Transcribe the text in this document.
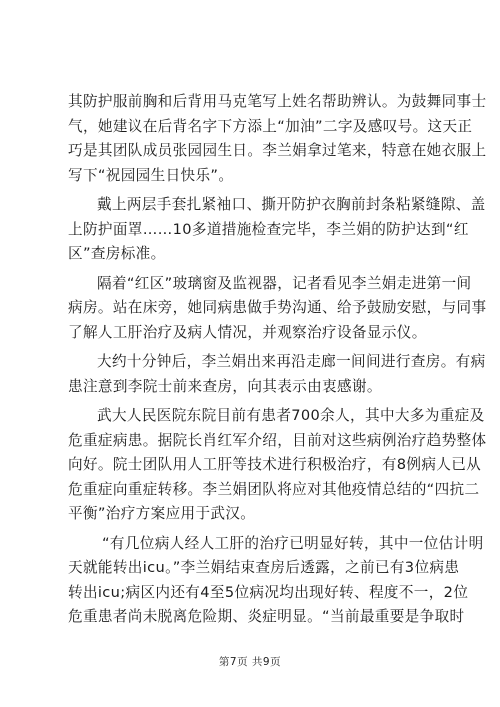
其防护服前胸和后背用马克笔写上姓名帮助辨认。为鼓舞同事士
气，她建议在后背名字下方添上“加油”二字及感叹号。这天正
巧是其团队成员张园园生日。李兰娟拿过笔来，特意在她衣服上
写下“祝园园生日快乐”。
戴上两层手套扎紧袖口、撕开防护衣胸前封条粘紧缝隙、盖
上防护面罩……10多道措施检查完毕，李兰娟的防护达到“红
区”查房标准。
隔着“红区”玻璃窗及监视器，记者看见李兰娟走进第一间
病房。站在床旁，她同病患做手势沟通、给予鼓励安慰，与同事
了解人工肝治疗及病人情况，并观察治疗设备显示仪。
大约十分钟后，李兰娟出来再沿走廊一间间进行查房。有病
患注意到李院士前来查房，向其表示由衷感谢。
武大人民医院东院目前有患者700余人，其中大多为重症及
危重症病患。据院长肖红军介绍，目前对这些病例治疗趋势整体
向好。院士团队用人工肝等技术进行积极治疗，有8例病人已从
危重症向重症转移。李兰娟团队将应对其他疫情总结的“四抗二
平衡”治疗方案应用于武汉。
“有几位病人经人工肝的治疗已明显好转，其中一位估计明
天就能转出icu。”李兰娟结束查房后透露，之前已有3位病患
转出icu;病区内还有4至5位病况均出现好转、程度不一，2位
危重患者尚未脱离危险期、炎症明显。“当前最重要是争取时
第7页 共9页
